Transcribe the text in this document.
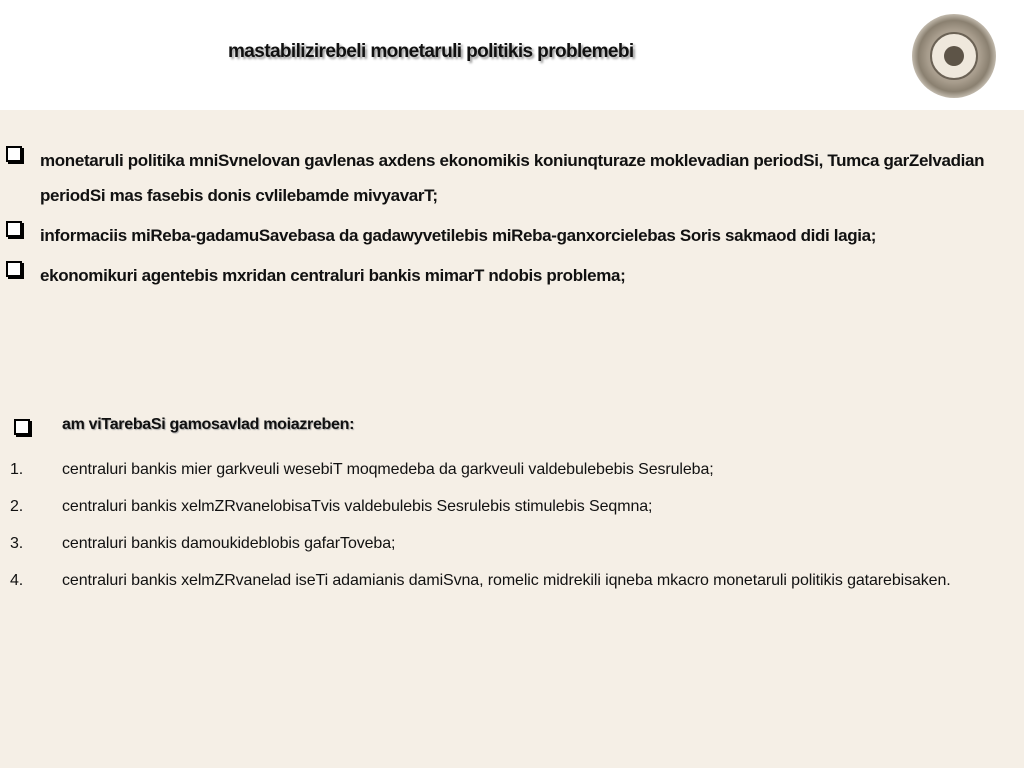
mastabilizirebeli monetaruli politikis problemebi
monetaruli politika mniSvnelovan gavlenas axdens ekonomikis koniunqturaze moklevadian periodSi, Tumca garZelvadian periodSi mas fasebis donis cvlilebamde mivyavarT;
informaciis miReba-gadamuSavebasa da gadawyvetilebis miReba-ganxorcielebas Soris sakmaod didi lagia;
ekonomikuri agentebis mxridan centraluri bankis mimarT ndobis problema;
am viTarebaSi gamosavlad moiazreben:
1. centraluri bankis mier garkveuli wesebiT moqmedeba da garkveuli valdebulebebis Sesruleba;
2. centraluri bankis xelmZRvanelobisaTvis valdebulebis Sesrulebis stimulebis Seqmna;
3. centraluri bankis damoukideblobis gafarToveba;
4. centraluri bankis xelmZRvanelad iseTi adamianis damiSvna, romelic midrekili iqneba mkacro monetaruli politikis gatarebisaken.
